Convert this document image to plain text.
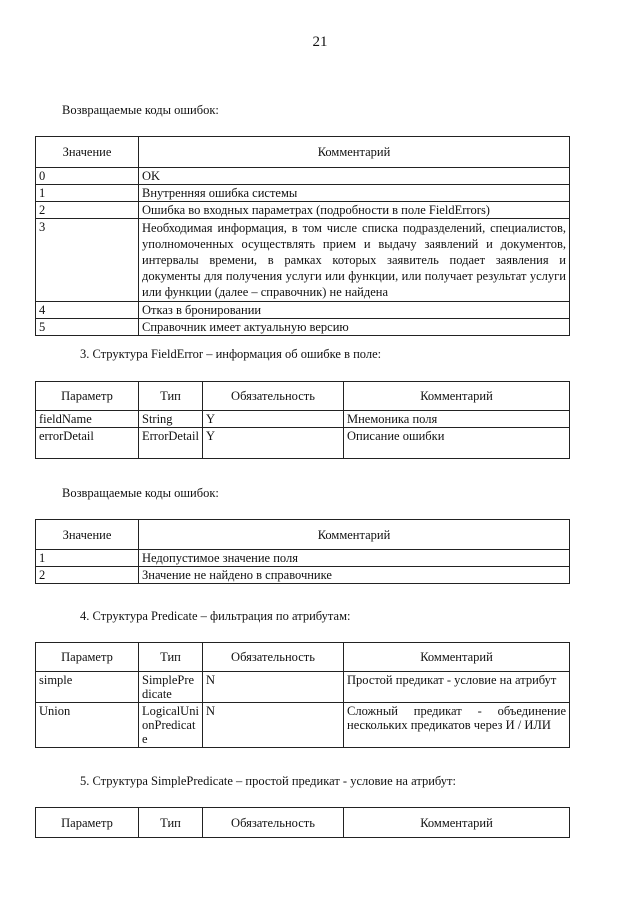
21
Возвращаемые коды ошибок:
Значение	Комментарий
0	OK
1	Внутренняя ошибка системы
2	Ошибка во входных параметрах (подробности в поле FieldErrors)
3	Необходимая информация, в том числе списка подразделений, специалистов, уполномоченных осуществлять прием и выдачу заявлений и документов, интервалы времени, в рамках которых заявитель подает заявления и документы для получения услуги или функции, или получает результат услуги или функции (далее – справочник) не найдена
4	Отказ в бронировании
5	Справочник имеет актуальную версию
3. Структура FieldError – информация об ошибке в поле:
Параметр	Тип	Обязательность	Комментарий
fieldName	String	Y	Мнемоника поля
errorDetail	ErrorDetail	Y	Описание ошибки
Возвращаемые коды ошибок:
Значение	Комментарий
1	Недопустимое значение поля
2	Значение не найдено в справочнике
4. Структура Predicate – фильтрация по атрибутам:
Параметр	Тип	Обязательность	Комментарий
simple	SimplePredicate	N	Простой предикат - условие на атрибут
Union	LogicalUnionPredicate	N	Сложный предикат - объединение нескольких предикатов через И / ИЛИ
5. Структура SimplePredicate – простой предикат - условие на атрибут:
Параметр	Тип	Обязательность	Комментарий
